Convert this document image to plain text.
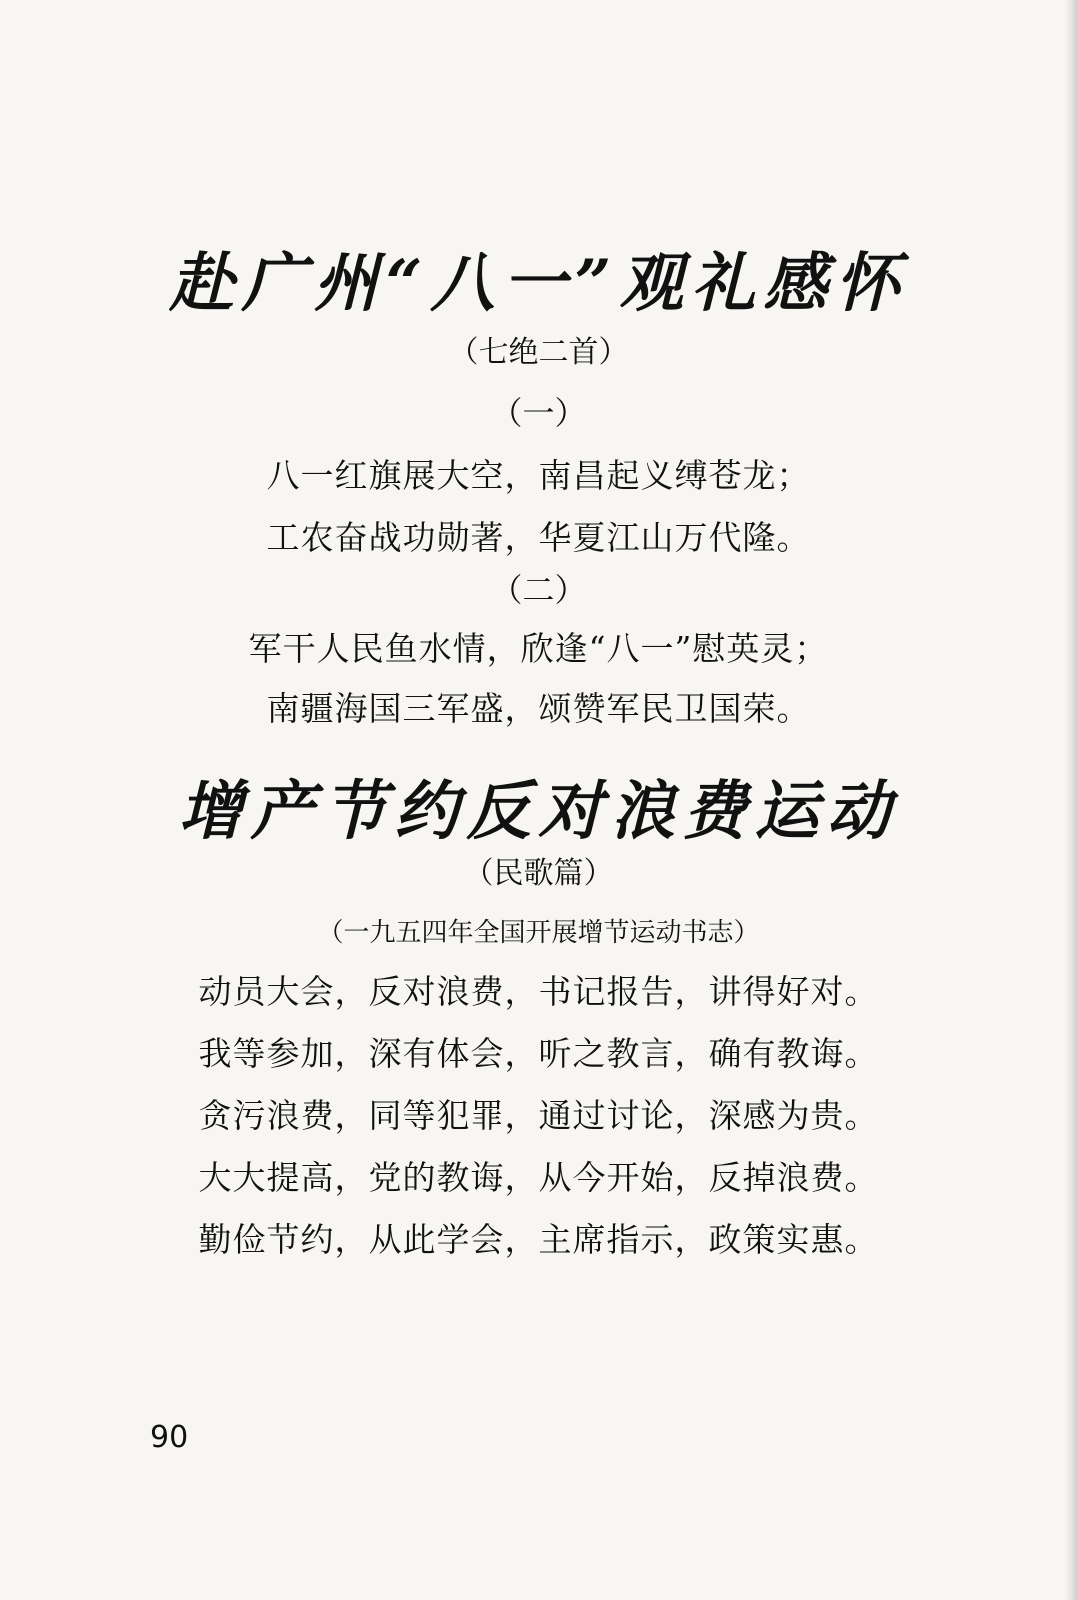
赴广州“八一”观礼感怀
（七绝二首）
（一）
八一红旗展大空，南昌起义缚苍龙；
工农奋战功勋著，华夏江山万代隆。
（二）
军干人民鱼水情，欣逢“八一”慰英灵；
南疆海国三军盛，颂赞军民卫国荣。
增产节约反对浪费运动
（民歌篇）
（一九五四年全国开展增节运动书志）
动员大会，反对浪费，书记报告，讲得好对。
我等参加，深有体会，听之教言，确有教诲。
贪污浪费，同等犯罪，通过讨论，深感为贵。
大大提高，党的教诲，从今开始，反掉浪费。
勤俭节约，从此学会，主席指示，政策实惠。
90
